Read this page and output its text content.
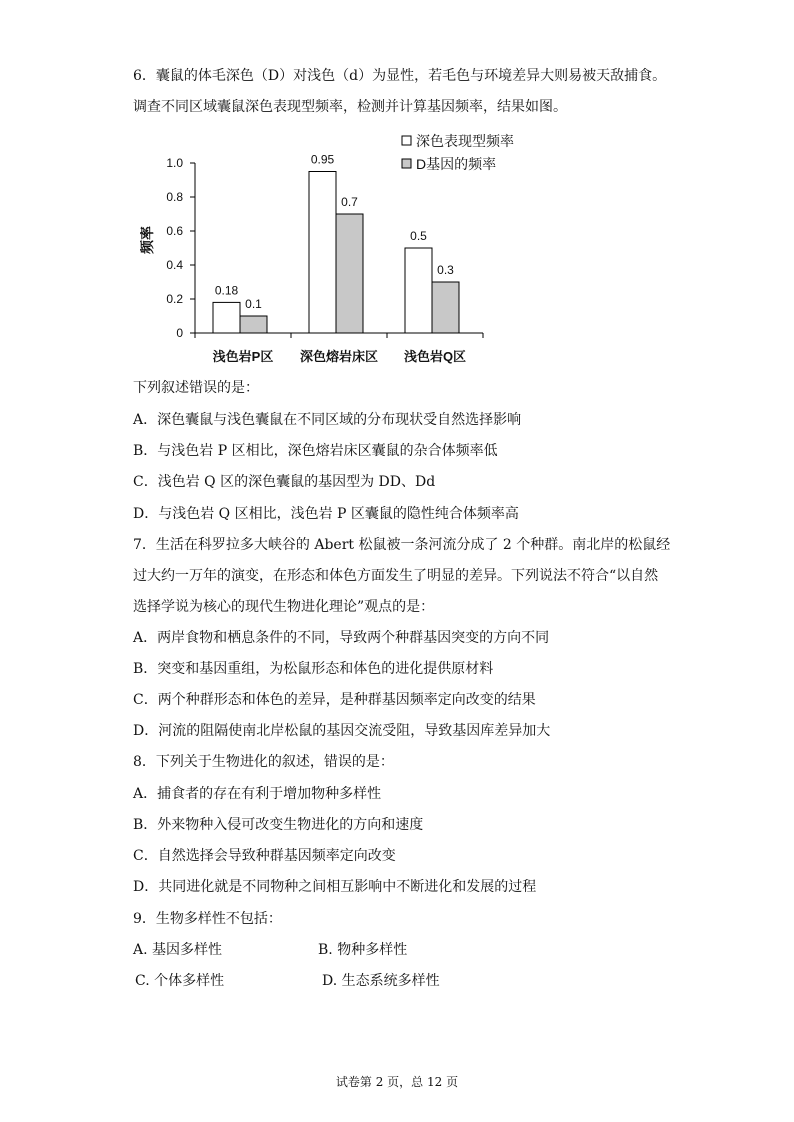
6．囊鼠的体毛深色（D）对浅色（d）为显性，若毛色与环境差异大则易被天敌捕食。
调查不同区域囊鼠深色表现型频率，检测并计算基因频率，结果如图。
0
0.2
0.4
0.6
0.8
1.0
频率
0.18
0.1
浅色岩P区
0.95
0.7
深色熔岩床区
0.5
0.3
浅色岩Q区
深色表现型频率
D基因的频率
下列叙述错误的是：
A．深色囊鼠与浅色囊鼠在不同区域的分布现状受自然选择影响
B．与浅色岩 P 区相比，深色熔岩床区囊鼠的杂合体频率低
C．浅色岩 Q 区的深色囊鼠的基因型为 DD、Dd
D．与浅色岩 Q 区相比，浅色岩 P 区囊鼠的隐性纯合体频率高
7．生活在科罗拉多大峡谷的 Abert 松鼠被一条河流分成了 2 个种群。南北岸的松鼠经
过大约一万年的演变，在形态和体色方面发生了明显的差异。下列说法不符合“以自然
选择学说为核心的现代生物进化理论”观点的是：
A．两岸食物和栖息条件的不同，导致两个种群基因突变的方向不同
B．突变和基因重组，为松鼠形态和体色的进化提供原材料
C．两个种群形态和体色的差异，是种群基因频率定向改变的结果
D．河流的阻隔使南北岸松鼠的基因交流受阻，导致基因库差异加大
8．下列关于生物进化的叙述，错误的是：
A．捕食者的存在有利于增加物种多样性
B．外来物种入侵可改变生物进化的方向和速度
C．自然选择会导致种群基因频率定向改变
D．共同进化就是不同物种之间相互影响中不断进化和发展的过程
9．生物多样性不包括：
A. 基因多样性	B. 物种多样性
C. 个体多样性	D. 生态系统多样性
试卷第 2 页，总 12 页
